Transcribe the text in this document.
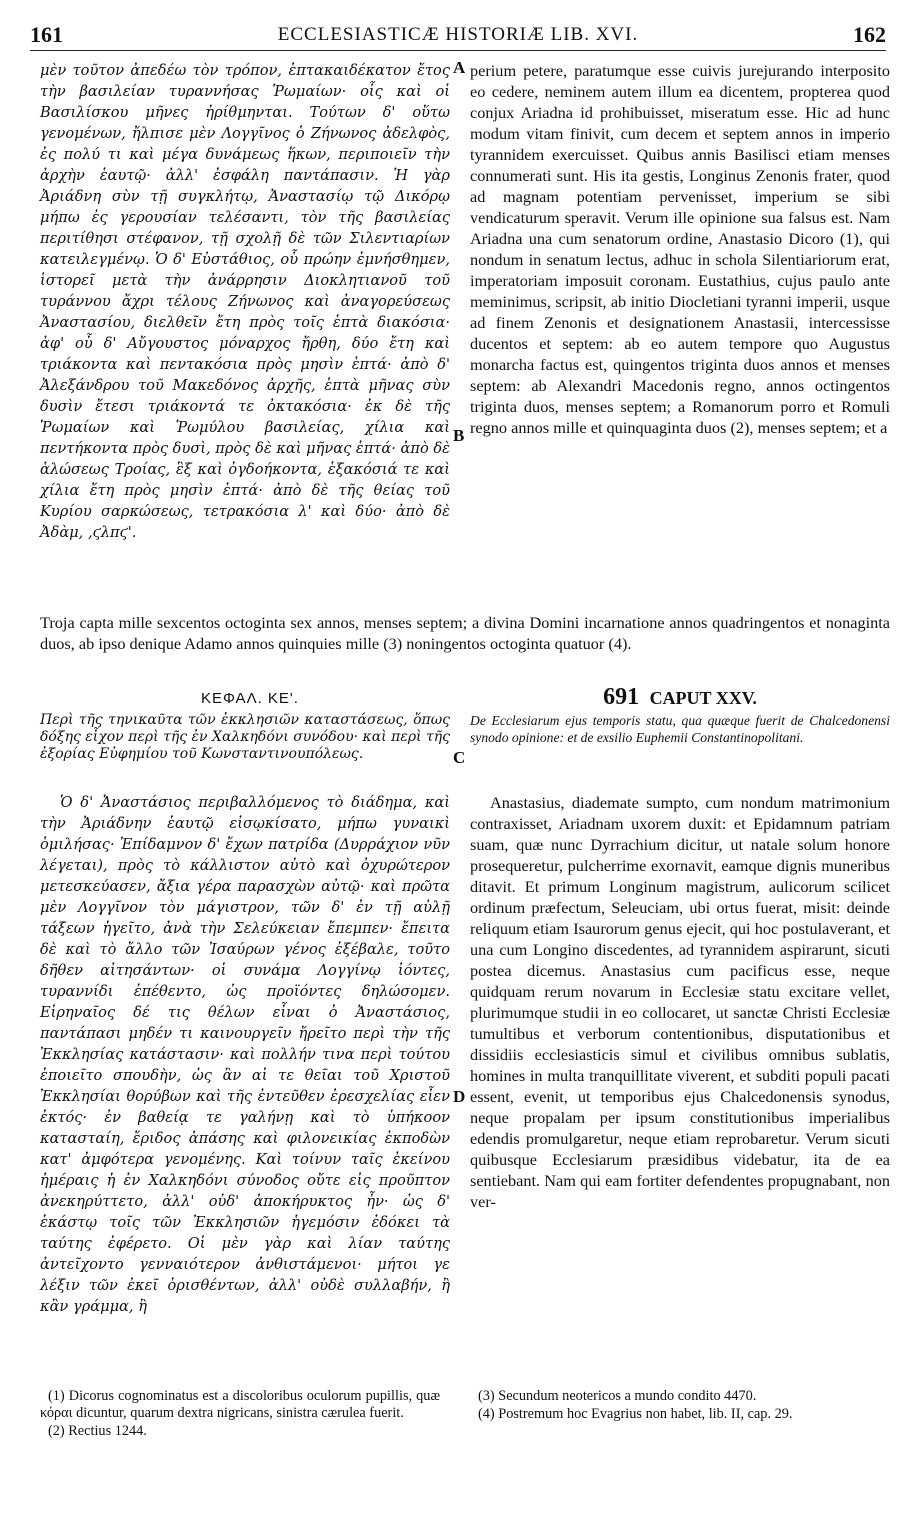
161	ECCLESIASTICÆ HISTORIÆ LIB. XVI.	162
μὲν τοῦτον ἀπεδέω τὸν τρόπον, ἑπτακαιδέκατον ἔτος τὴν βασιλείαν τυραννήσας Ῥωμαίων· οἷς καὶ οἱ Βασιλίσκου μῆνες ἠρίθμηνται. Τούτων δ' οὕτω γενομένων, ἤλπισε μὲν Λογγῖνος ὁ Ζήνωνος ἀδελφὸς, ἐς πολύ τι καὶ μέγα δυνάμεως ἥκων, περιποιεῖν τὴν ἀρχὴν ἑαυτῷ· ἀλλ' ἐσφάλη παντάπασιν. Ἡ γὰρ Ἀριάδνη σὺν τῇ συγκλήτῳ, Ἀναστασίῳ τῷ Δικόρῳ μήπω ἐς γερουσίαν τελέσαντι, τὸν τῆς βασιλείας περιτίθησι στέφανον, τῇ σχολῇ δὲ τῶν Σιλεντιαρίων κατειλεγμένῳ. Ὁ δ' Εὐστάθιος, οὗ πρώην ἐμνήσθημεν, ἱστορεῖ μετὰ τὴν ἀνάρρησιν Διοκλητιανοῦ τοῦ τυράννου ἄχρι τέλους Ζήνωνος καὶ ἀναγορεύσεως Ἀναστασίου, διελθεῖν ἔτη πρὸς τοῖς ἑπτὰ διακόσια· ἀφ' οὗ δ' Αὔγουστος μόναρχος ἤρθη, δύο ἔτη καὶ τριάκοντα καὶ πεντακόσια πρὸς μησὶν ἑπτά· ἀπὸ δ' Ἀλεξάνδρου τοῦ Μακεδόνος ἀρχῆς, ἑπτὰ μῆνας σὺν δυσὶν ἔτεσι τριάκοντά τε ὀκτακόσια· ἐκ δὲ τῆς Ῥωμαίων καὶ Ῥωμύλου βασιλείας, χίλια καὶ πεντήκοντα πρὸς δυσὶ, πρὸς δὲ καὶ μῆνας ἑπτά· ἀπὸ δὲ ἁλώσεως Τροίας, ἓξ καὶ ὀγδοήκοντα, ἑξακόσιά τε καὶ χίλια ἔτη πρὸς μησὶν ἑπτά· ἀπὸ δὲ τῆς θείας τοῦ Κυρίου σαρκώσεως, τετρακόσια λ' καὶ δύο· ἀπὸ δὲ Ἀδὰμ, ,ϛλπϛ'.
A
B
perium petere, paratumque esse cuivis jurejurando interposito eo cedere, neminem autem illum ea dicentem, propterea quod conjux Ariadna id prohibuisset, miseratum esse. Hic ad hunc modum vitam finivit, cum decem et septem annos in imperio tyrannidem exercuisset. Quibus annis Basilisci etiam menses connumerati sunt. His ita gestis, Longinus Zenonis frater, quod ad magnam potentiam pervenisset, imperium se sibi vendicaturum speravit. Verum ille opinione sua falsus est. Nam Ariadna una cum senatorum ordine, Anastasio Dicoro (1), qui nondum in senatum lectus, adhuc in schola Silentiariorum erat, imperatoriam imposuit coronam. Eustathius, cujus paulo ante meminimus, scripsit, ab initio Diocletiani tyranni imperii, usque ad finem Zenonis et designationem Anastasii, intercessisse ducentos et septem: ab eo autem tempore quo Augustus monarcha factus est, quingentos triginta duos annos et menses septem: ab Alexandri Macedonis regno, annos octingentos triginta duos, menses septem; a Romanorum porro et Romuli regno annos mille et quinquaginta duos (2), menses septem; et a
Troja capta mille sexcentos octoginta sex annos, menses septem; a divina Domini incarnatione annos quadringentos et nonaginta duos, ab ipso denique Adamo annos quinquies mille (3) noningentos octoginta quatuor (4).
ΚΕΦΑΛ. ΚΕ'.	691 CAPUT XXV.
Περὶ τῆς τηνικαῦτα τῶν ἐκκλησιῶν καταστάσεως, ὅπως δόξης εἶχον περὶ τῆς ἐν Χαλκηδόνι συνόδου· καὶ περὶ τῆς ἐξορίας Εὐφημίου τοῦ Κωνσταντινουπόλεως.	C
De Ecclesiarum ejus temporis statu, qua quæque fuerit de Chalcedonensi synodo opinione: et de exsilio Euphemii Constantinopolitani.
Ὁ δ' Ἀναστάσιος περιβαλλόμενος τὸ διάδημα, καὶ τὴν Ἀριάδνην ἑαυτῷ εἰσῳκίσατο, μήπω γυναικὶ ὁμιλήσας· Ἐπίδαμνον δ' ἔχων πατρίδα (Δυρράχιον νῦν λέγεται), πρὸς τὸ κάλλιστον αὐτὸ καὶ ὀχυρώτερον μετεσκεύασεν, ἄξια γέρα παρασχὼν αὐτῷ· καὶ πρῶτα μὲν Λογγῖνον τὸν μάγιστρον, τῶν δ' ἐν τῇ αὐλῇ τάξεων ἡγεῖτο, ἀνὰ τὴν Σελεύκειαν ἔπεμπεν· ἔπειτα δὲ καὶ τὸ ἄλλο τῶν Ἰσαύρων γένος ἐξέβαλε, τοῦτο δῆθεν αἰτησάντων· οἱ συνάμα Λογγίνῳ ἰόντες, τυραννίδι ἐπέθεντο, ὡς προϊόντες δηλώσομεν. Εἰρηναῖος δέ τις θέλων εἶναι ὁ Ἀναστάσιος, παντάπασι μηδέν τι καινουργεῖν ἤρεῖτο περὶ τὴν τῆς Ἐκκλησίας κατάστασιν· καὶ πολλήν τινα περὶ τούτου ἐποιεῖτο σπουδὴν, ὡς ἂν αἱ τε θεῖαι τοῦ Χριστοῦ Ἐκκλησίαι θορύβων καὶ τῆς ἐντεῦθεν ἐρεσχελίας εἶεν ἐκτός· ἐν βαθείᾳ τε γαλήνῃ καὶ τὸ ὑπήκοον κατασταίη, ἔριδος ἁπάσης καὶ φιλονεικίας ἐκποδὼν κατ' ἀμφότερα γενομένης. Καὶ τοίνυν ταῖς ἐκείνου ἡμέραις ἡ ἐν Χαλκηδόνι σύνοδος οὔτε εἰς προῦπτον ἀνεκηρύττετο, ἀλλ' οὐδ' ἀποκήρυκτος ἦν· ὡς δ' ἑκάστῳ τοῖς τῶν Ἐκκλησιῶν ἡγεμόσιν ἐδόκει τὰ ταύτης ἐφέρετο. Οἱ μὲν γὰρ καὶ λίαν ταύτης ἀντεῖχοντο γενναιότερον ἀνθιστάμενοι· μήτοι γε λέξιν τῶν ἐκεῖ ὁρισθέντων, ἀλλ' οὐδὲ συλλαβήν, ἢ κἂν γράμμα, ἢ
D
Anastasius, diademate sumpto, cum nondum matrimonium contraxisset, Ariadnam uxorem duxit: et Epidamnum patriam suam, quæ nunc Dyrrachium dicitur, ut natale solum honore prosequeretur, pulcherrime exornavit, eamque dignis muneribus ditavit. Et primum Longinum magistrum, aulicorum scilicet ordinum præfectum, Seleuciam, ubi ortus fuerat, misit: deinde reliquum etiam Isaurorum genus ejecit, qui hoc postulaverant, et una cum Longino discedentes, ad tyrannidem aspirarunt, sicuti postea dicemus. Anastasius cum pacificus esse, neque quidquam rerum novarum in Ecclesiæ statu excitare vellet, plurimumque studii in eo collocaret, ut sanctæ Christi Ecclesiæ tumultibus et verborum contentionibus, disputationibus et dissidiis ecclesiasticis simul et civilibus omnibus sublatis, homines in multa tranquillitate viverent, et subditi populi pacati essent, evenit, ut temporibus ejus Chalcedonensis synodus, neque propalam per ipsum constitutionibus imperialibus edendis promulgaretur, neque etiam reprobaretur. Verum sicuti quibusque Ecclesiarum præsidibus videbatur, ita de ea sentiebant. Nam qui eam fortiter defendentes propugnabant, non ver-

(1) Dicorus cognominatus est a discoloribus oculorum pupillis, quæ κόραι dicuntur, quarum dextra nigricans, sinistra cærulea fuerit.

(2) Rectius 1244.

(3) Secundum neotericos a mundo condito 4470.

(4) Postremum hoc Evagrius non habet, lib. II, cap. 29.
